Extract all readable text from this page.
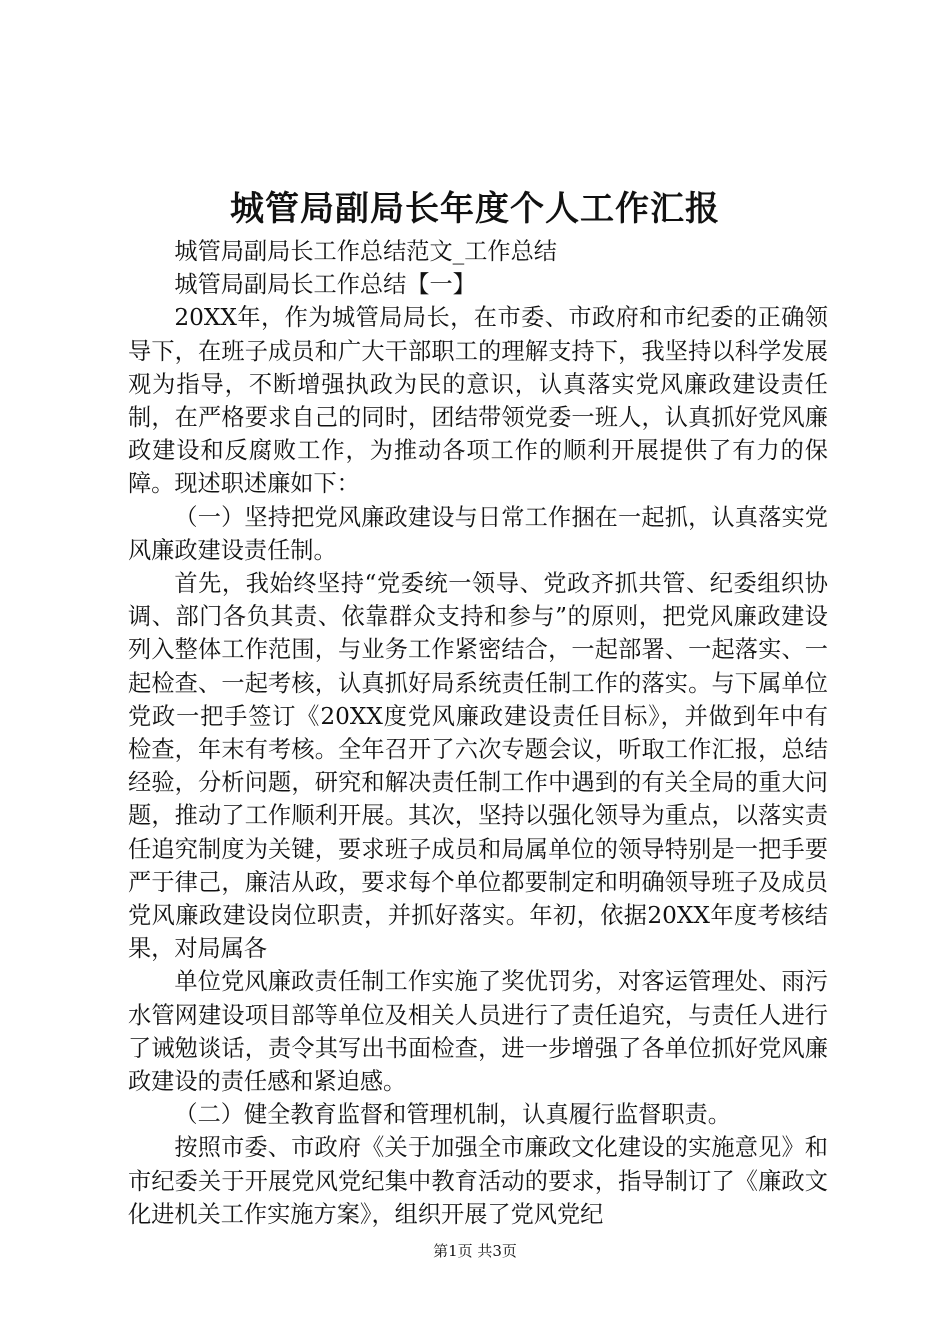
城管局副局长年度个人工作汇报

城管局副局长工作总结范文_工作总结

城管局副局长工作总结【一】

20XX年，作为城管局局长，在市委、市政府和市纪委的正确领导下，在班子成员和广大干部职工的理解支持下，我坚持以科学发展观为指导，不断增强执政为民的意识，认真落实党风廉政建设责任制，在严格要求自己的同时，团结带领党委一班人，认真抓好党风廉政建设和反腐败工作，为推动各项工作的顺利开展提供了有力的保障。现述职述廉如下：

（一）坚持把党风廉政建设与日常工作捆在一起抓，认真落实党风廉政建设责任制。

首先，我始终坚持“党委统一领导、党政齐抓共管、纪委组织协调、部门各负其责、依靠群众支持和参与”的原则，把党风廉政建设列入整体工作范围，与业务工作紧密结合，一起部署、一起落实、一起检查、一起考核，认真抓好局系统责任制工作的落实。与下属单位党政一把手签订《20XX度党风廉政建设责任目标》，并做到年中有检查，年末有考核。全年召开了六次专题会议，听取工作汇报，总结经验，分析问题，研究和解决责任制工作中遇到的有关全局的重大问题，推动了工作顺利开展。其次，坚持以强化领导为重点，以落实责任追究制度为关键，要求班子成员和局属单位的领导特别是一把手要严于律己，廉洁从政，要求每个单位都要制定和明确领导班子及成员党风廉政建设岗位职责，并抓好落实。年初，依据20XX年度考核结果，对局属各

单位党风廉政责任制工作实施了奖优罚劣，对客运管理处、雨污水管网建设项目部等单位及相关人员进行了责任追究，与责任人进行了诫勉谈话，责令其写出书面检查，进一步增强了各单位抓好党风廉政建设的责任感和紧迫感。

（二）健全教育监督和管理机制，认真履行监督职责。

按照市委、市政府《关于加强全市廉政文化建设的实施意见》和市纪委关于开展党风党纪集中教育活动的要求，指导制订了《廉政文化进机关工作实施方案》，组织开展了党风党纪

第1页 共3页
